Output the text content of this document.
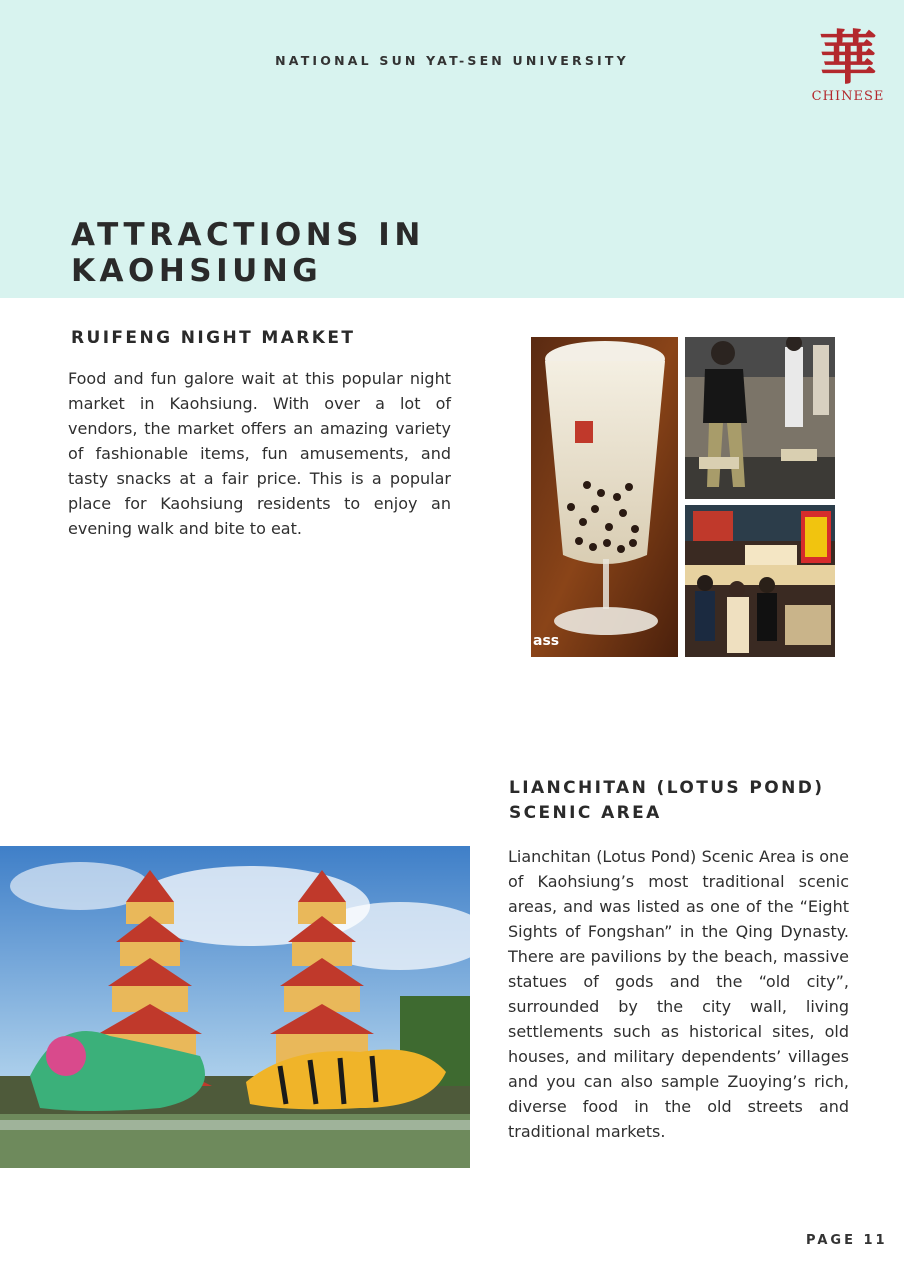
NATIONAL SUN YAT-SEN UNIVERSITY	華
CHINESE
ATTRACTIONS IN
KAOHSIUNG
RUIFENG NIGHT MARKET

Food and fun galore wait at this popular night market in Kaohsiung. With over a lot of vendors, the market offers an amazing variety of fashionable items, fun amusements, and tasty snacks at a fair price. This is a popular place for Kaohsiung residents to enjoy an evening walk and bite to eat.

ass
LIANCHITAN (LOTUS POND)
SCENIC AREA

Lianchitan (Lotus Pond) Scenic Area is one of Kaohsiung’s most traditional scenic areas, and was listed as one of the “Eight Sights of Fongshan” in the Qing Dynasty. There are pavilions by the beach, massive statues of gods and the “old city”, surrounded by the city wall, living settlements such as historical sites, old houses, and military dependents’ villages and you can also sample Zuoying’s rich, diverse food in the old streets and traditional markets.

PAGE 11
